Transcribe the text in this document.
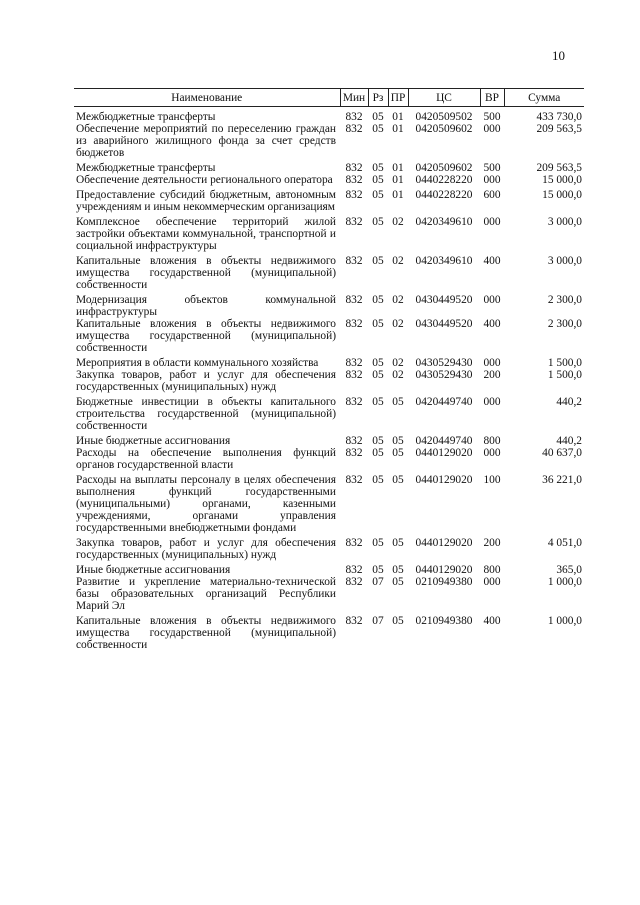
10
Наименование	Мин	Рз	ПР	ЦС	ВР	Сумма
Межбюджетные трансферты	832	05	01	0420509502	500	433 730,0
Обеспечение мероприятий по переселению граждан из аварийного жилищного фонда за счет средств бюджетов	832	05	01	0420509602	000	209 563,5
Межбюджетные трансферты	832	05	01	0420509602	500	209 563,5
Обеспечение деятельности регионального оператора	832	05	01	0440228220	000	15 000,0
Предоставление субсидий бюджетным, автономным учреждениям и иным некоммерческим организациям	832	05	01	0440228220	600	15 000,0
Комплексное обеспечение территорий жилой застройки объектами коммунальной, транспортной и социальной инфраструктуры	832	05	02	0420349610	000	3 000,0
Капитальные вложения в объекты недвижимого имущества государственной (муниципальной) собственности	832	05	02	0420349610	400	3 000,0
Модернизация объектов коммунальной инфраструктуры	832	05	02	0430449520	000	2 300,0
Капитальные вложения в объекты недвижимого имущества государственной (муниципальной) собственности	832	05	02	0430449520	400	2 300,0
Мероприятия в области коммунального хозяйства	832	05	02	0430529430	000	1 500,0
Закупка товаров, работ и услуг для обеспечения государственных (муниципальных) нужд	832	05	02	0430529430	200	1 500,0
Бюджетные инвестиции в объекты капитального строительства государственной (муниципальной) собственности	832	05	05	0420449740	000	440,2
Иные бюджетные ассигнования	832	05	05	0420449740	800	440,2
Расходы на обеспечение выполнения функций органов государственной власти	832	05	05	0440129020	000	40 637,0
Расходы на выплаты персоналу в целях обеспечения выполнения функций государственными (муниципальными) органами, казенными учреждениями, органами управления государственными внебюджетными фондами	832	05	05	0440129020	100	36 221,0
Закупка товаров, работ и услуг для обеспечения государственных (муниципальных) нужд	832	05	05	0440129020	200	4 051,0
Иные бюджетные ассигнования	832	05	05	0440129020	800	365,0
Развитие и укрепление материально-технической базы образовательных организаций Республики Марий Эл	832	07	05	0210949380	000	1 000,0
Капитальные вложения в объекты недвижимого имущества государственной (муниципальной) собственности	832	07	05	0210949380	400	1 000,0
